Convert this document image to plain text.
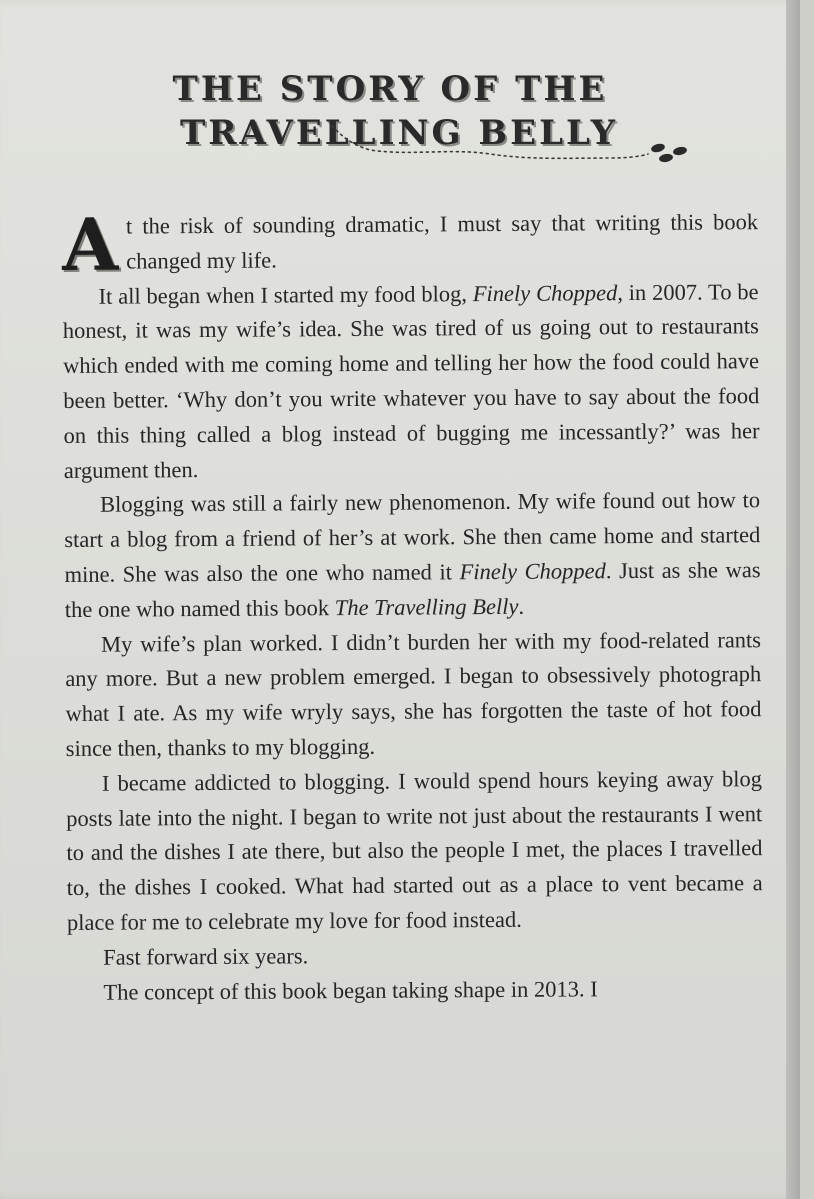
THE STORY OF THE
TRAVELLING BELLY

At the risk of sounding dramatic, I must say that writing this book changed my life.

It all began when I started my food blog, Finely Chopped, in 2007. To be honest, it was my wife’s idea. She was tired of us going out to restaurants which ended with me coming home and telling her how the food could have been better. ‘Why don’t you write whatever you have to say about the food on this thing called a blog instead of bugging me incessantly?’ was her argument then.

Blogging was still a fairly new phenomenon. My wife found out how to start a blog from a friend of her’s at work. She then came home and started mine. She was also the one who named it Finely Chopped. Just as she was the one who named this book The Travelling Belly.

My wife’s plan worked. I didn’t burden her with my food-related rants any more. But a new problem emerged. I began to obsessively photograph what I ate. As my wife wryly says, she has forgotten the taste of hot food since then, thanks to my blogging.

I became addicted to blogging. I would spend hours keying away blog posts late into the night. I began to write not just about the restaurants I went to and the dishes I ate there, but also the people I met, the places I travelled to, the dishes I cooked. What had started out as a place to vent became a place for me to celebrate my love for food instead.

Fast forward six years.

The concept of this book began taking shape in 2013. I
